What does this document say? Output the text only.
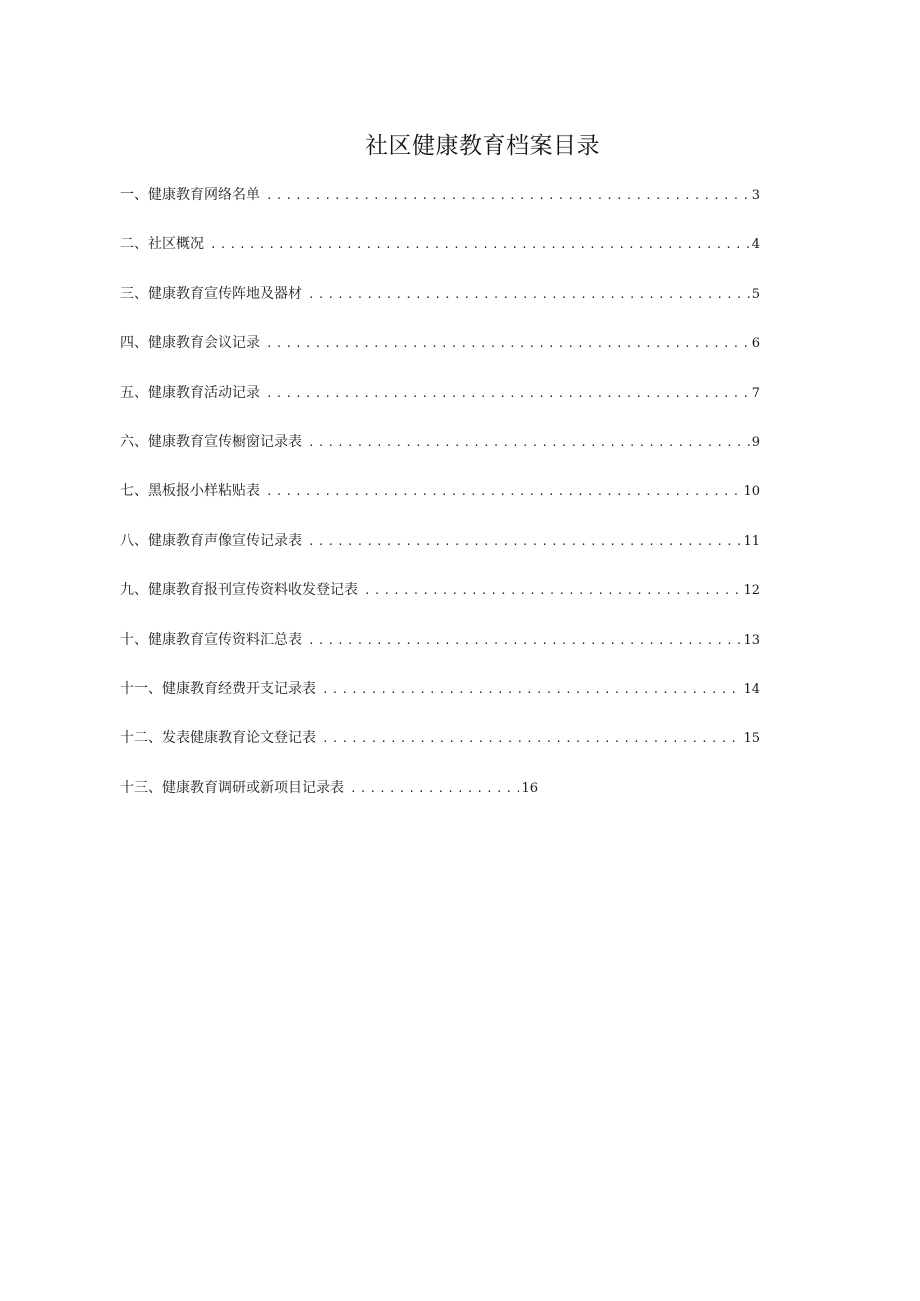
社区健康教育档案目录
一、健康教育网络名单 .....	3
二、社区概况 .....	4
三、健康教育宣传阵地及器材 .....	5
四、健康教育会议记录 .....	6
五、健康教育活动记录 .....	7
六、健康教育宣传橱窗记录表 .....	9
七、黑板报小样粘贴表 .....	10
八、健康教育声像宣传记录表 .....	11
九、健康教育报刊宣传资料收发登记表 .....	12
十、健康教育宣传资料汇总表 .....	13
十一、健康教育经费开支记录表 .....	14
十二、发表健康教育论文登记表 .....	15
十三、健康教育调研或新项目记录表 .....	16
